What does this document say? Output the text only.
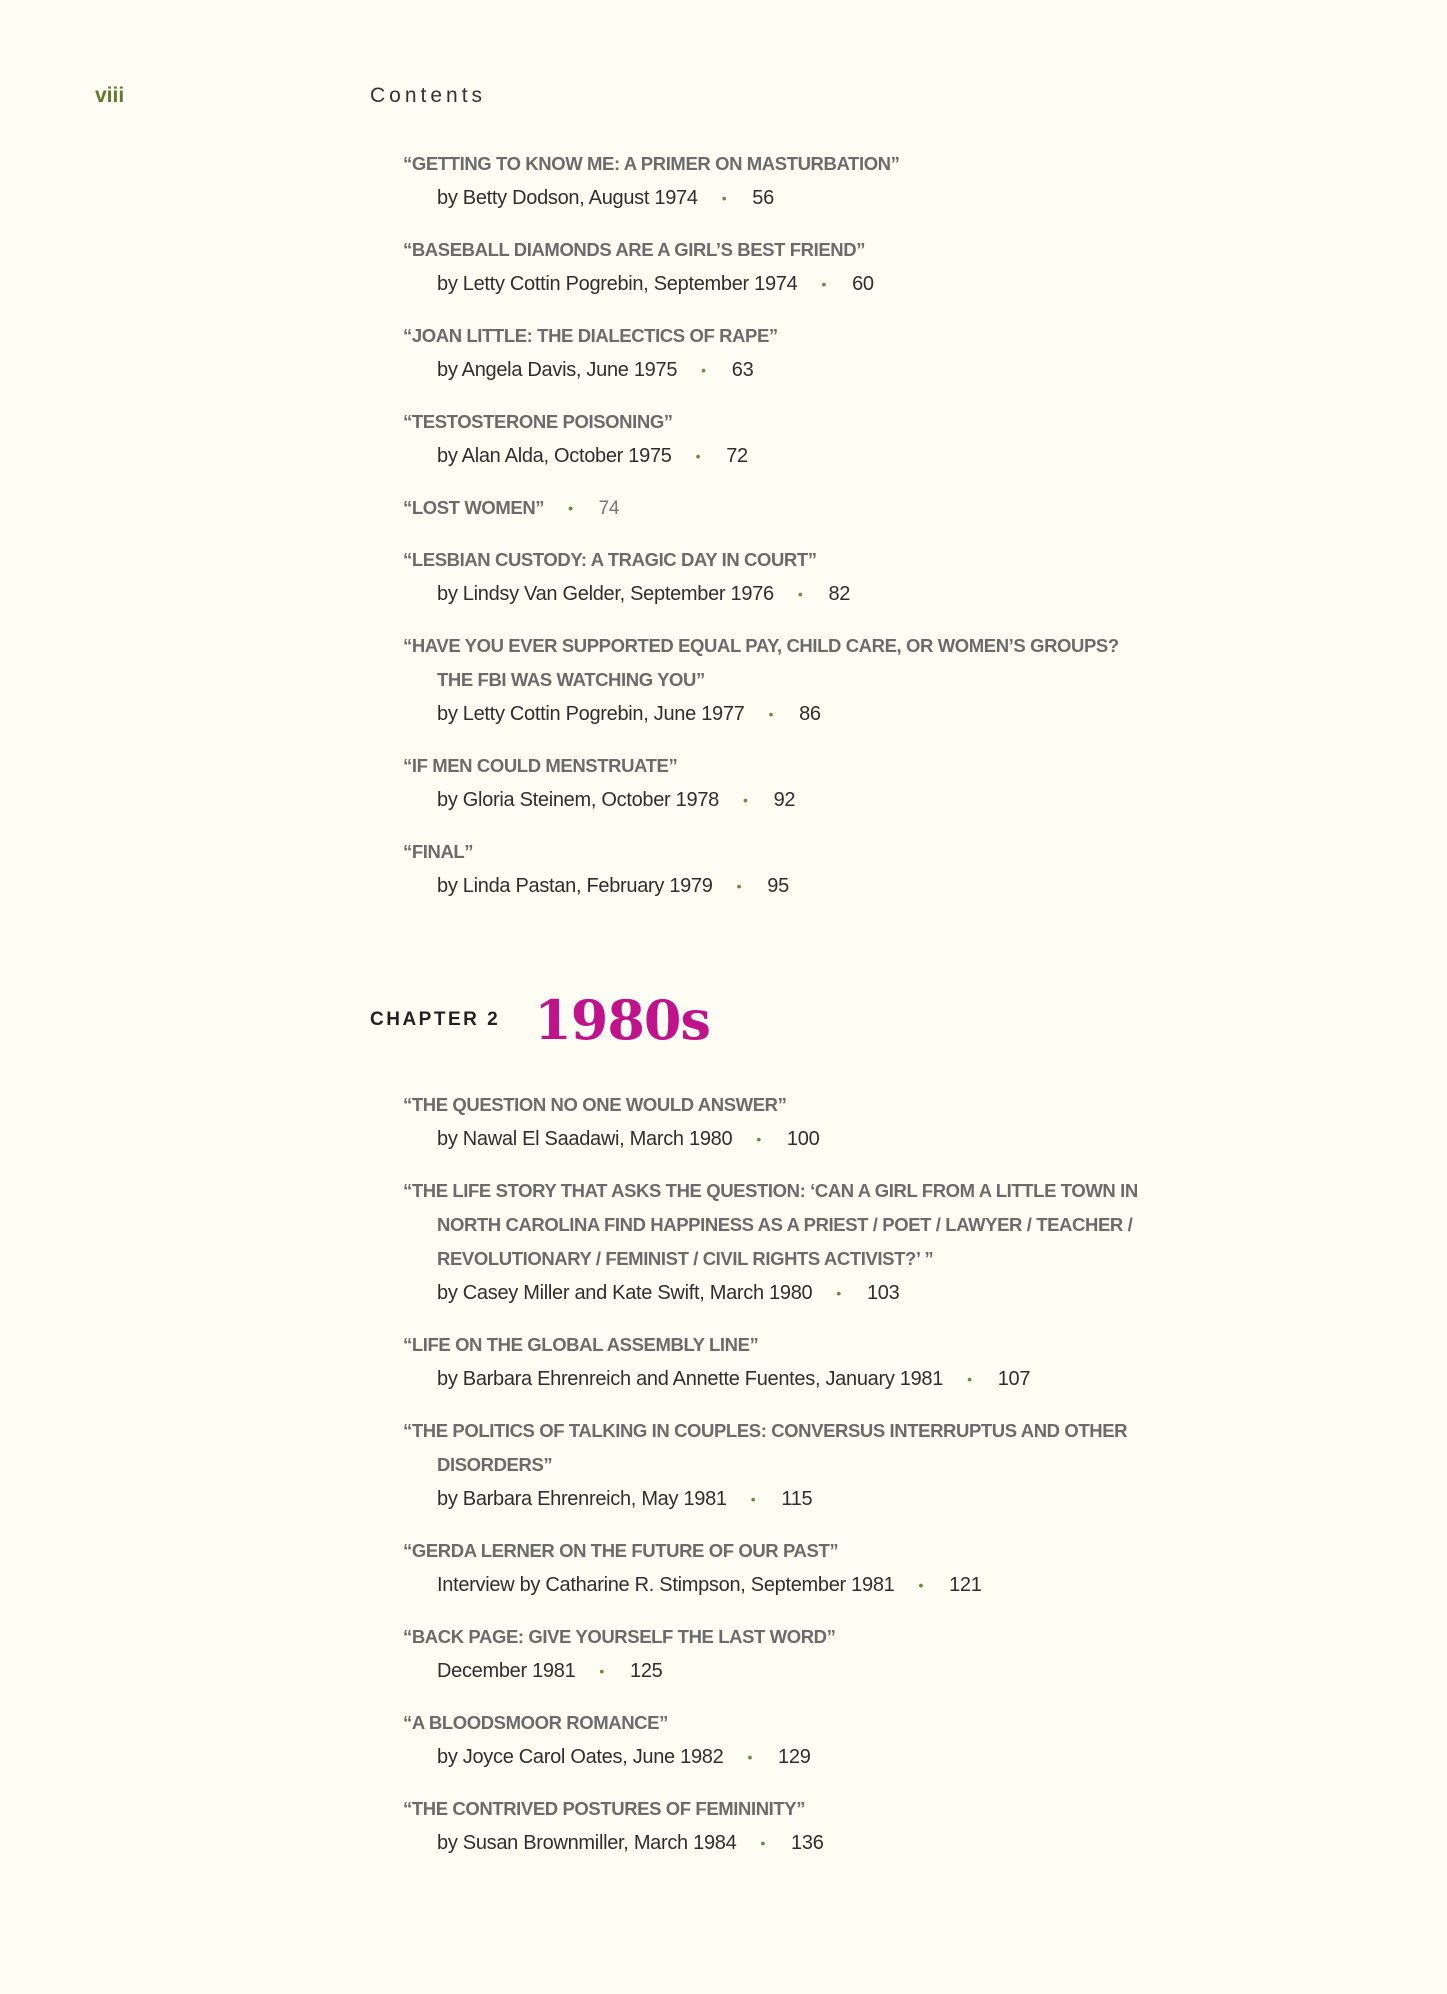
viii	Contents
“GETTING TO KNOW ME: A PRIMER ON MASTURBATION”
by Betty Dodson, August 1974 • 56
“BASEBALL DIAMONDS ARE A GIRL’S BEST FRIEND”
by Letty Cottin Pogrebin, September 1974 • 60
“JOAN LITTLE: THE DIALECTICS OF RAPE”
by Angela Davis, June 1975 • 63
“TESTOSTERONE POISONING”
by Alan Alda, October 1975 • 72
“LOST WOMEN” • 74
“LESBIAN CUSTODY: A TRAGIC DAY IN COURT”
by Lindsy Van Gelder, September 1976 • 82
“HAVE YOU EVER SUPPORTED EQUAL PAY, CHILD CARE, OR WOMEN’S GROUPS?
THE FBI WAS WATCHING YOU”
by Letty Cottin Pogrebin, June 1977 • 86
“IF MEN COULD MENSTRUATE”
by Gloria Steinem, October 1978 • 92
“FINAL”
by Linda Pastan, February 1979 • 95
CHAPTER 2 1980s
“THE QUESTION NO ONE WOULD ANSWER”
by Nawal El Saadawi, March 1980 • 100
“THE LIFE STORY THAT ASKS THE QUESTION: ‘CAN A GIRL FROM A LITTLE TOWN IN
NORTH CAROLINA FIND HAPPINESS AS A PRIEST / POET / LAWYER / TEACHER /
REVOLUTIONARY / FEMINIST / CIVIL RIGHTS ACTIVIST?’ ”
by Casey Miller and Kate Swift, March 1980 • 103
“LIFE ON THE GLOBAL ASSEMBLY LINE”
by Barbara Ehrenreich and Annette Fuentes, January 1981 • 107
“THE POLITICS OF TALKING IN COUPLES: CONVERSUS INTERRUPTUS AND OTHER
DISORDERS”
by Barbara Ehrenreich, May 1981 • 115
“GERDA LERNER ON THE FUTURE OF OUR PAST”
Interview by Catharine R. Stimpson, September 1981 • 121
“BACK PAGE: GIVE YOURSELF THE LAST WORD”
December 1981 • 125
“A BLOODSMOOR ROMANCE”
by Joyce Carol Oates, June 1982 • 129
“THE CONTRIVED POSTURES OF FEMININITY”
by Susan Brownmiller, March 1984 • 136
